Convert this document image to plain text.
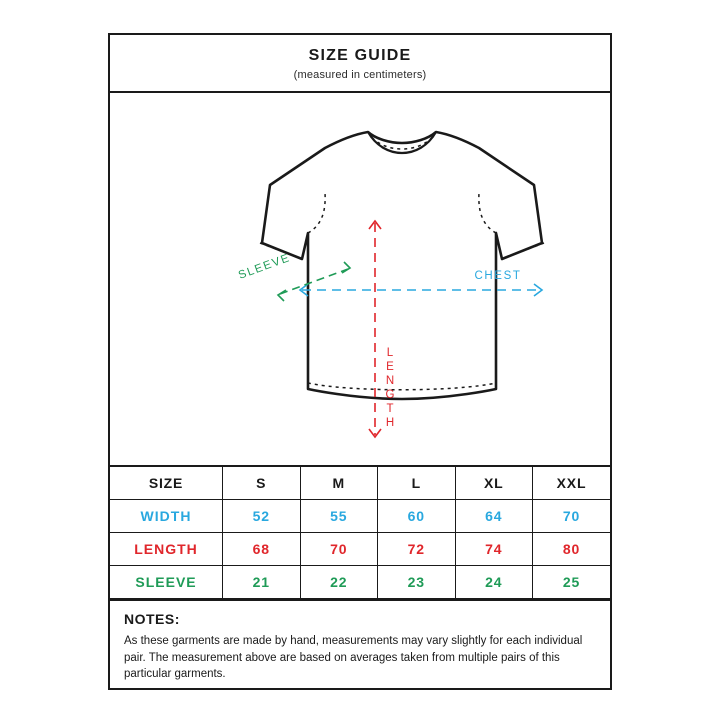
SIZE GUIDE
(measured in centimeters)
CHEST
L
E
N
G
T
H
SLEEVE
SIZE	S	M	L	XL	XXL
WIDTH	52	55	60	64	70
LENGTH	68	70	72	74	80
SLEEVE	21	22	23	24	25
NOTES:
As these garments are made by hand, measurements may vary slightly for each individual pair. The measurement above are based on averages taken from multiple pairs of this particular garments.
